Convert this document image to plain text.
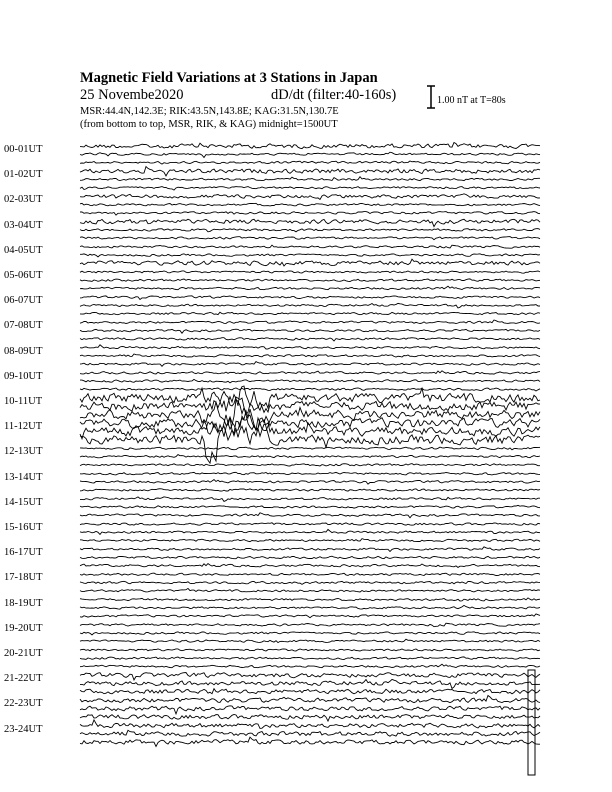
Magnetic Field Variations at 3 Stations in Japan
25 Novembe2020	dD/dt (filter:40-160s)
MSR:44.4N,142.3E; RIK:43.5N,143.8E; KAG:31.5N,130.7E
(from bottom to top, MSR, RIK, & KAG) midnight=1500UT
1.00 nT at T=80s
00-01UT
01-02UT
02-03UT
03-04UT
04-05UT
05-06UT
06-07UT
07-08UT
08-09UT
09-10UT
10-11UT
11-12UT
12-13UT
13-14UT
14-15UT
15-16UT
16-17UT
17-18UT
18-19UT
19-20UT
20-21UT
21-22UT
22-23UT
23-24UT
